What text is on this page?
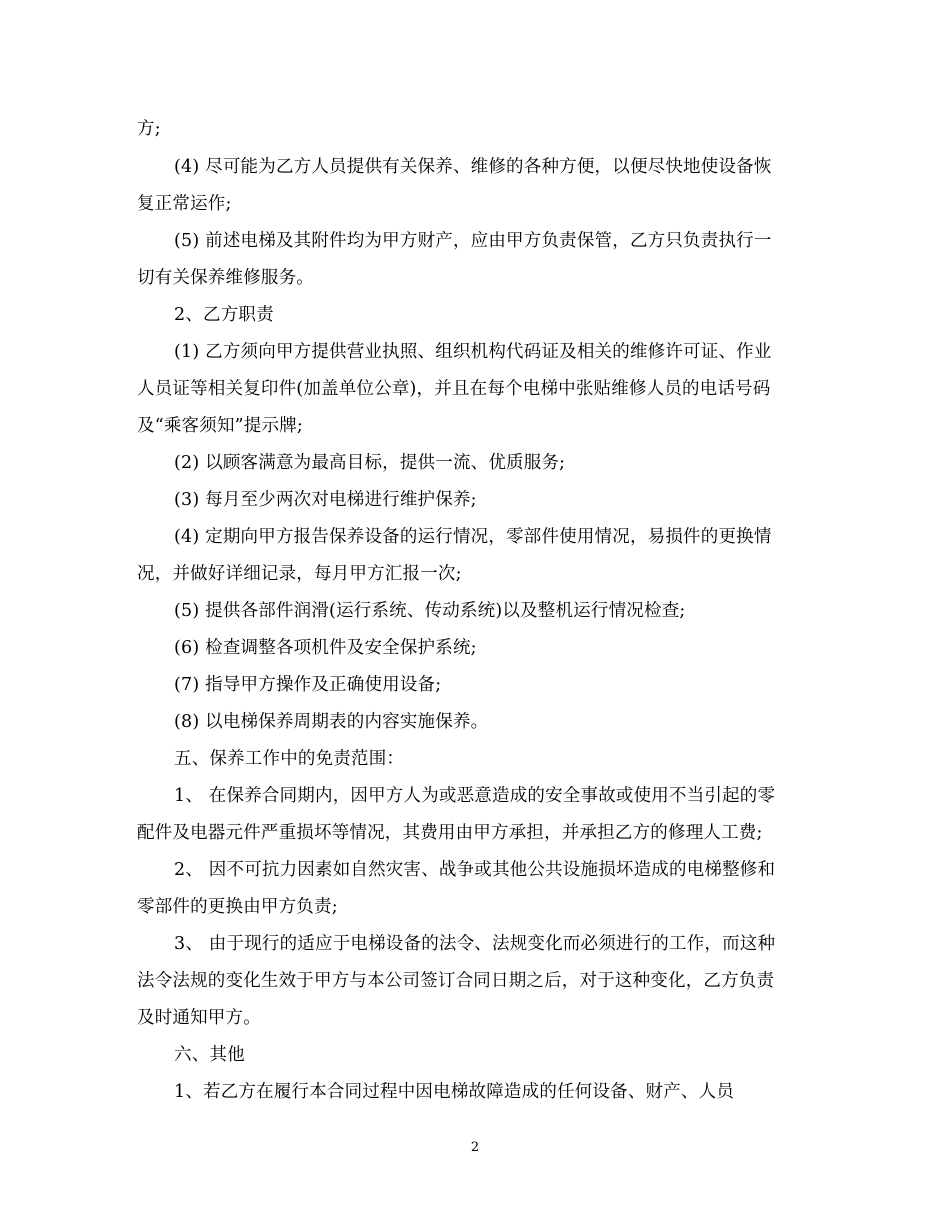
方;
(4) 尽可能为乙方人员提供有关保养、维修的各种方便，以便尽快地使设备恢
复正常运作;
(5) 前述电梯及其附件均为甲方财产，应由甲方负责保管，乙方只负责执行一
切有关保养维修服务。
2、乙方职责
(1) 乙方须向甲方提供营业执照、组织机构代码证及相关的维修许可证、作业
人员证等相关复印件(加盖单位公章)，并且在每个电梯中张贴维修人员的电话号码
及“乘客须知”提示牌;
(2) 以顾客满意为最高目标，提供一流、优质服务;
(3) 每月至少两次对电梯进行维护保养;
(4) 定期向甲方报告保养设备的运行情况，零部件使用情况，易损件的更换情
况，并做好详细记录，每月甲方汇报一次;
(5) 提供各部件润滑(运行系统、传动系统)以及整机运行情况检查;
(6) 检查调整各项机件及安全保护系统;
(7) 指导甲方操作及正确使用设备;
(8) 以电梯保养周期表的内容实施保养。
五、保养工作中的免责范围：
1、 在保养合同期内，因甲方人为或恶意造成的安全事故或使用不当引起的零
配件及电器元件严重损坏等情况，其费用由甲方承担，并承担乙方的修理人工费;
2、 因不可抗力因素如自然灾害、战争或其他公共设施损坏造成的电梯整修和
零部件的更换由甲方负责;
3、 由于现行的适应于电梯设备的法令、法规变化而必须进行的工作，而这种
法令法规的变化生效于甲方与本公司签订合同日期之后，对于这种变化，乙方负责
及时通知甲方。
六、其他
1、若乙方在履行本合同过程中因电梯故障造成的任何设备、财产、人员
2
